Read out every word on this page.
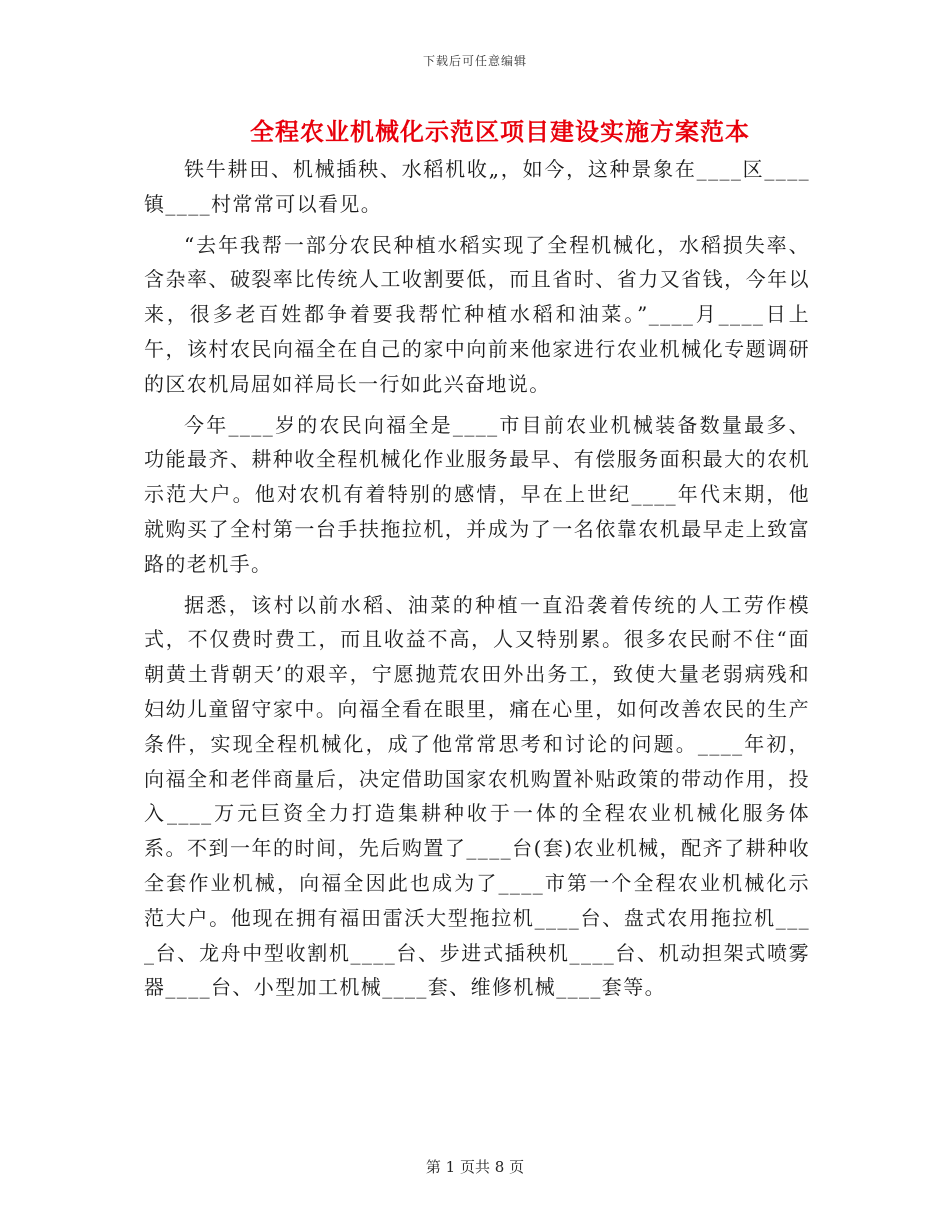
下载后可任意编辑
全程农业机械化示范区项目建设实施方案范本

铁牛耕田、机械插秧、水稻机收„，如今，这种景象在____区____镇____村常常可以看见。

“去年我帮一部分农民种植水稻实现了全程机械化，水稻损失率、含杂率、破裂率比传统人工收割要低，而且省时、省力又省钱，今年以来，很多老百姓都争着要我帮忙种植水稻和油菜。”____月____日上午，该村农民向福全在自己的家中向前来他家进行农业机械化专题调研的区农机局屈如祥局长一行如此兴奋地说。

今年____岁的农民向福全是____市目前农业机械装备数量最多、功能最齐、耕种收全程机械化作业服务最早、有偿服务面积最大的农机示范大户。他对农机有着特别的感情，早在上世纪____年代末期，他就购买了全村第一台手扶拖拉机，并成为了一名依靠农机最早走上致富路的老机手。

据悉，该村以前水稻、油菜的种植一直沿袭着传统的人工劳作模式，不仅费时费工，而且收益不高，人又特别累。很多农民耐不住“面朝黄土背朝天’的艰辛，宁愿抛荒农田外出务工，致使大量老弱病残和妇幼儿童留守家中。向福全看在眼里，痛在心里，如何改善农民的生产条件，实现全程机械化，成了他常常思考和讨论的问题。____年初，向福全和老伴商量后，决定借助国家农机购置补贴政策的带动作用，投入____万元巨资全力打造集耕种收于一体的全程农业机械化服务体系。不到一年的时间，先后购置了____台(套)农业机械，配齐了耕种收全套作业机械，向福全因此也成为了____市第一个全程农业机械化示范大户。他现在拥有福田雷沃大型拖拉机____台、盘式农用拖拉机____台、龙舟中型收割机____台、步进式插秧机____台、机动担架式喷雾器____台、小型加工机械____套、维修机械____套等。

第 1 页共 8 页
